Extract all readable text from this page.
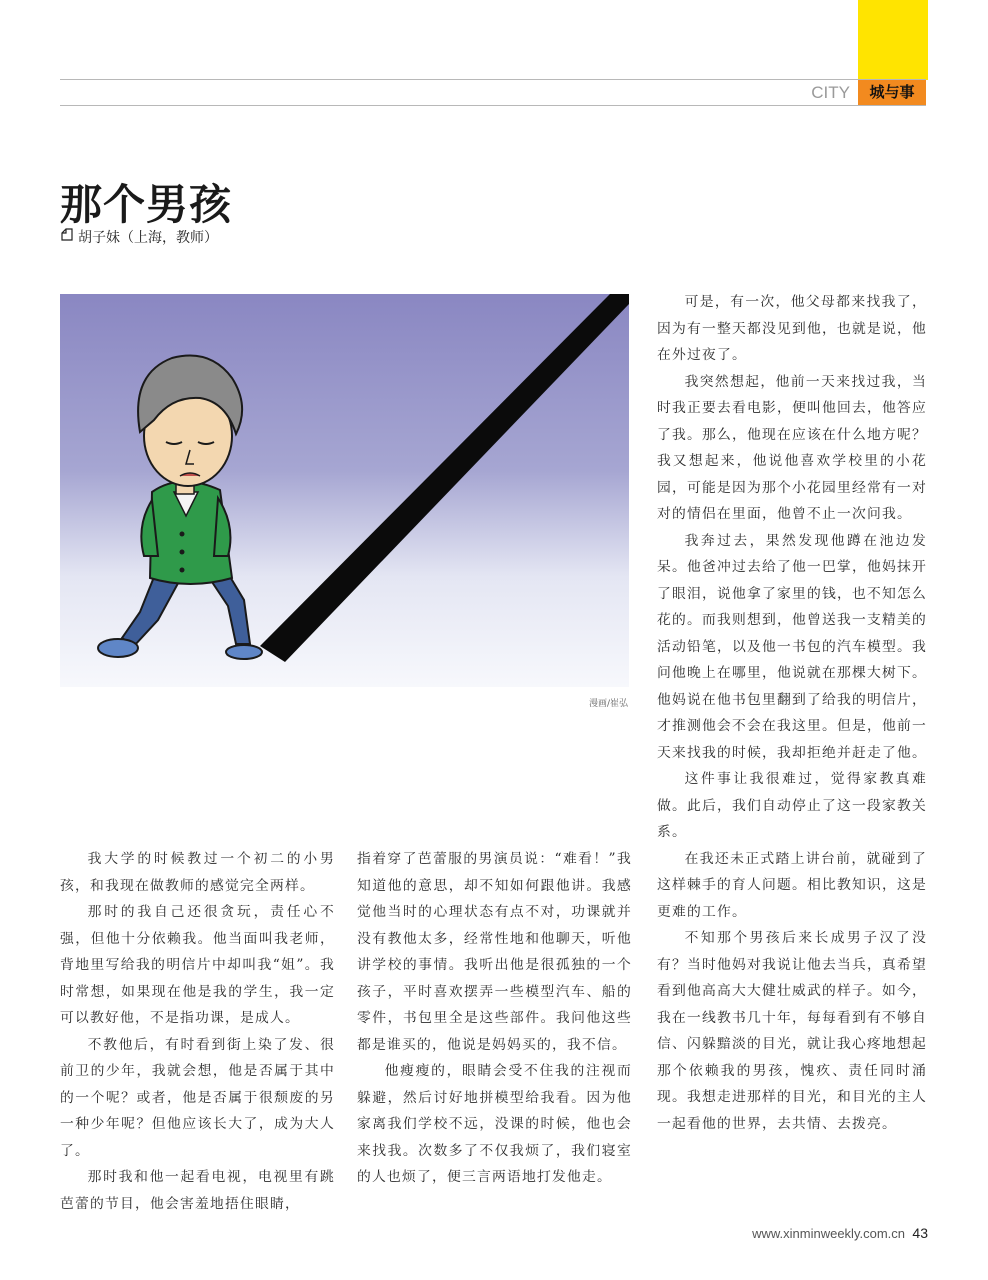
CITY	城与事
那个男孩
胡子妹（上海，教师）
漫画/崔弘

我大学的时候教过一个初二的小男孩，和我现在做教师的感觉完全两样。

那时的我自己还很贪玩，责任心不强，但他十分依赖我。他当面叫我老师，背地里写给我的明信片中却叫我“姐”。我时常想，如果现在他是我的学生，我一定可以教好他，不是指功课，是成人。

不教他后，有时看到街上染了发、很前卫的少年，我就会想，他是否属于其中的一个呢？或者，他是否属于很颓废的另一种少年呢？但他应该长大了，成为大人了。

那时我和他一起看电视，电视里有跳芭蕾的节目，他会害羞地捂住眼睛，

指着穿了芭蕾服的男演员说：“难看！”我知道他的意思，却不知如何跟他讲。我感觉他当时的心理状态有点不对，功课就并没有教他太多，经常性地和他聊天，听他讲学校的事情。我听出他是很孤独的一个孩子，平时喜欢摆弄一些模型汽车、船的零件，书包里全是这些部件。我问他这些都是谁买的，他说是妈妈买的，我不信。

他瘦瘦的，眼睛会受不住我的注视而躲避，然后讨好地拼模型给我看。因为他家离我们学校不远，没课的时候，他也会来找我。次数多了不仅我烦了，我们寝室的人也烦了，便三言两语地打发他走。

可是，有一次，他父母都来找我了，因为有一整天都没见到他，也就是说，他在外过夜了。

我突然想起，他前一天来找过我，当时我正要去看电影，便叫他回去，他答应了我。那么，他现在应该在什么地方呢？我又想起来，他说他喜欢学校里的小花园，可能是因为那个小花园里经常有一对对的情侣在里面，他曾不止一次问我。

我奔过去，果然发现他蹲在池边发呆。他爸冲过去给了他一巴掌，他妈抹开了眼泪，说他拿了家里的钱，也不知怎么花的。而我则想到，他曾送我一支精美的活动铅笔，以及他一书包的汽车模型。我问他晚上在哪里，他说就在那棵大树下。他妈说在他书包里翻到了给我的明信片，才推测他会不会在我这里。但是，他前一天来找我的时候，我却拒绝并赶走了他。

这件事让我很难过，觉得家教真难做。此后，我们自动停止了这一段家教关系。

在我还未正式踏上讲台前，就碰到了这样棘手的育人问题。相比教知识，这是更难的工作。

不知那个男孩后来长成男子汉了没有？当时他妈对我说让他去当兵，真希望看到他高高大大健壮威武的样子。如今，我在一线教书几十年，每每看到有不够自信、闪躲黯淡的目光，就让我心疼地想起那个依赖我的男孩，愧疚、责任同时涌现。我想走进那样的目光，和目光的主人一起看他的世界，去共情、去拨亮。

www.xinminweekly.com.cn 43
